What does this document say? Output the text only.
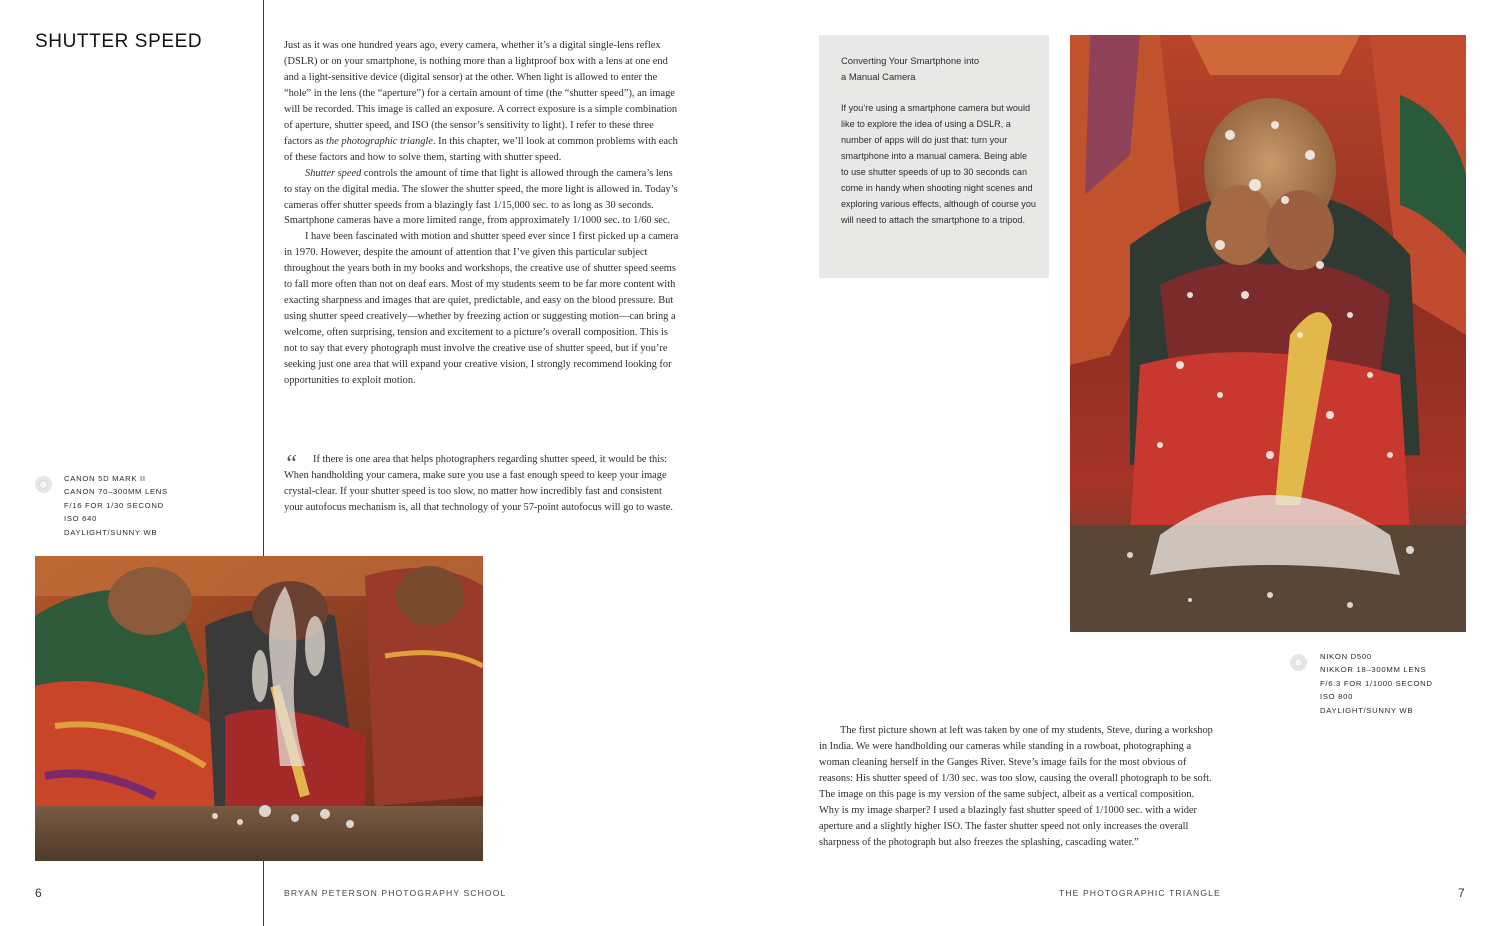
SHUTTER SPEED	Just as it was one hundred years ago, every camera, whether it’s a digital single-lens reflex (DSLR) or on your smartphone, is nothing more than a lightproof box with a lens at one end and a light-sensitive device (digital sensor) at the other. When light is allowed to enter the “hole” in the lens (the “aperture”) for a certain amount of time (the “shutter speed”), an image will be recorded. This image is called an exposure. A correct exposure is a simple combination of aperture, shutter speed, and ISO (the sensor’s sensitivity to light). I refer to these three factors as the photographic triangle. In this chapter, we’ll look at common problems with each of these factors and how to solve them, starting with shutter speed.

Shutter speed controls the amount of time that light is allowed through the camera’s lens to stay on the digital media. The slower the shutter speed, the more light is allowed in. Today’s cameras offer shutter speeds from a blazingly fast 1/15,000 sec. to as long as 30 seconds. Smartphone cameras have a more limited range, from approximately 1/1000 sec. to 1/60 sec.

I have been fascinated with motion and shutter speed ever since I first picked up a camera in 1970. However, despite the amount of attention that I’ve given this particular subject throughout the years both in my books and workshops, the creative use of shutter speed seems to fall more often than not on deaf ears. Most of my students seem to be far more content with exacting sharpness and images that are quiet, predictable, and easy on the blood pressure. But using shutter speed creatively—whether by freezing action or suggesting motion—can bring a welcome, often surprising, tension and excitement to a picture’s overall composition. This is not to say that every photograph must involve the creative use of shutter speed, but if you’re seeking just one area that will expand your creative vision, I strongly recommend looking for opportunities to exploit motion.

“	If there is one area that helps photographers regarding shutter speed, it would be this: When handholding your camera, make sure you use a fast enough speed to keep your image crystal-clear. If your shutter speed is too slow, no matter how incredibly fast and consistent your autofocus mechanism is, all that technology of your 57-point autofocus will go to waste.

CANON 5D MARK II
CANON 70–300MM LENS
F/16 FOR 1/30 SECOND
ISO 640
DAYLIGHT/SUNNY WB
6	BRYAN PETERSON PHOTOGRAPHY SCHOOL

Converting Your Smartphone into
a Manual Camera

If you’re using a smartphone camera but would like to explore the idea of using a DSLR, a number of apps will do just that: turn your smartphone into a manual camera. Being able to use shutter speeds of up to 30 seconds can come in handy when shooting night scenes and exploring various effects, although of course you will need to attach the smartphone to a tripod.

NIKON D500
NIKKOR 18–300MM LENS
F/6.3 FOR 1/1000 SECOND
ISO 800
DAYLIGHT/SUNNY WB

The first picture shown at left was taken by one of my students, Steve, during a workshop in India. We were handholding our cameras while standing in a rowboat, photographing a woman cleaning herself in the Ganges River. Steve’s image fails for the most obvious of reasons: His shutter speed of 1/30 sec. was too slow, causing the overall photograph to be soft. The image on this page is my version of the same subject, albeit as a vertical composition. Why is my image sharper? I used a blazingly fast shutter speed of 1/1000 sec. with a wider aperture and a slightly higher ISO. The faster shutter speed not only increases the overall sharpness of the photograph but also freezes the splashing, cascading water.”

THE PHOTOGRAPHIC TRIANGLE	7
